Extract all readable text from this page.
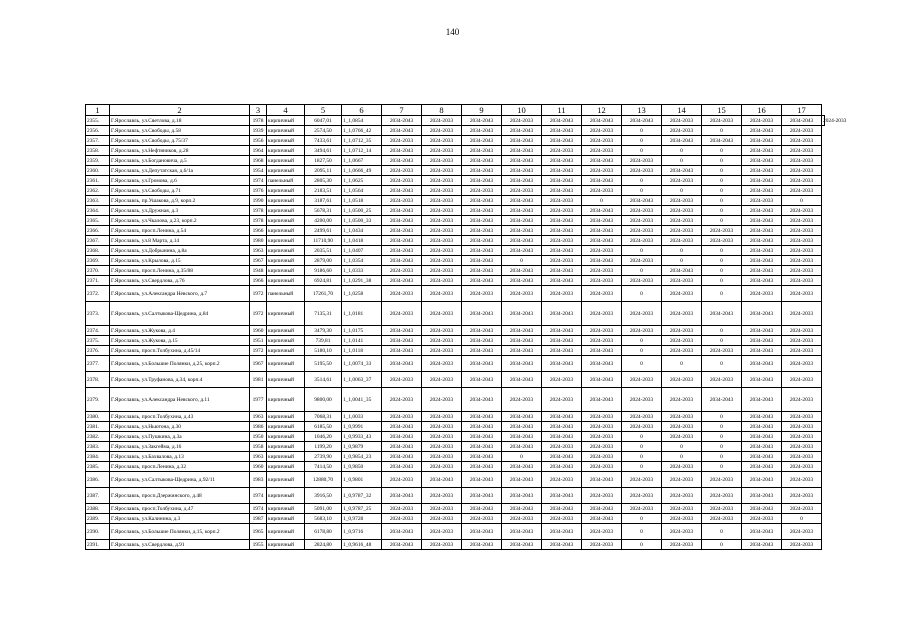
140
1	2	3	4	5	6	7	8	9	10	11	12	13	14	15	16	17	
2355.	Г.Ярославль, ул.Светлова, д.18	1978	кирпичный	6047,01	1_1,0854	2034-2043	2024-2033	2034-2043	2024-2033	2034-2043	2034-2043	2034-2043	2024-2033	2024-2033	2024-2033	2034-2043	2024-2033
2356.	Г.Ярославль, ул.Свободы, д.58	1939	кирпичный	2574,50	1_1,0766_42	2034-2043	2024-2033	2034-2043	2034-2043	2034-2043	2024-2033	0	2024-2033	0	2034-2043	2024-2033	
2357.	Г.Ярославль, ул.Свободы, д.75/37	1956	кирпичный	7433,61	1_1,0712_35	2024-2033	2024-2033	2034-2043	2034-2043	2034-2043	2024-2033	0	2034-2043	2034-2043	2034-2043	2024-2033	
2358.	Г.Ярославль, ул.Нефтяников, д.28	1964	кирпичный	3494,61	1_1,0712_14	2034-2043	2024-2033	2034-2043	2034-2043	2024-2033	2024-2033	0	0	0	2034-2043	2024-2033	
2359.	Г.Ярославль, ул.Богдановича, д.5	1968	кирпичный	1827,50	1_1,0667	2034-2043	2024-2033	2034-2043	2034-2043	2034-2043	2034-2043	2024-2033	0	0	2034-2043	2024-2033	
2360.	Г.Ярославль, ул.Депутатская, д.6/1а	1954	кирпичный	2095,11	1_1,0666_49	2024-2033	2024-2033	2034-2043	2034-2043	2034-2043	2024-2033	2024-2033	2034-2043	0	2034-2043	2024-2033	
2361.	Г.Ярославль, ул.Громова, д.6	1974	панельный	2805,30	1_1,0625	2024-2033	2024-2033	2034-2043	2034-2043	2034-2043	2034-2043	0	2024-2033	0	2034-2043	2024-2033	
2362.	Г.Ярославль, ул.Свободы, д.71	1976	кирпичный	2183,51	1_1,0564	2034-2043	2024-2033	2024-2033	2024-2033	2034-2043	2024-2033	0	0	0	2034-2043	2024-2033	
2363.	Г.Ярославль, пр.Ушакова, д.9, корп.2	1990	кирпичный	3187,61	1_1,0518	2024-2033	2024-2033	2034-2043	2034-2043	2024-2033	0	2034-2043	2024-2033	0	2024-2033	0	
2364.	Г.Ярославль, ул.Дружная, д.3	1978	кирпичный	5678,31	1_1,0500_25	2034-2043	2024-2033	2034-2043	2034-2043	2024-2033	2034-2043	2024-2033	2024-2033	0	2034-2043	2024-2033	
2365.	Г.Ярославль, ул.Чкалова, д.23, корп.2	1978	кирпичный	4200,00	1_1,0500_33	2034-2043	2024-2033	2034-2043	2034-2043	2034-2043	2034-2043	2024-2033	2024-2033	0	2034-2043	2024-2033	
2366.	Г.Ярославль, просп.Ленина, д.54	1966	кирпичный	2499,61	1_1,0434	2034-2043	2024-2033	2034-2043	2034-2043	2034-2043	2034-2043	2024-2033	2024-2033	2024-2033	2034-2043	2024-2033	
2367.	Г.Ярославль, ул.8 Марта, д.14	1980	кирпичный	11710,90	1_1,0418	2034-2043	2024-2033	2034-2043	2034-2043	2024-2033	2034-2043	2024-2033	2024-2033	2024-2033	2034-2043	2024-2033	
2368.	Г.Ярославль, ул.Добрынина, д.8а	1963	кирпичный	2035,51	1_1,0407	2034-2043	2024-2033	2034-2043	2034-2043	2034-2043	2024-2033	0	0	0	2034-2043	2024-2033	
2369.	Г.Ярославль, ул.Крылова, д.15	1967	кирпичный	2879,00	1_1,0354	2034-2043	2024-2033	2034-2043	0	2024-2033	2034-2043	2024-2033	0	0	2034-2043	2024-2033	
2370.	Г.Ярославль, просп.Ленина, д.35/88	1948	кирпичный	9186,60	1_1,0333	2024-2033	2024-2033	2034-2043	2034-2043	2034-2043	2024-2033	0	2034-2043	0	2034-2043	2024-2033	
2371.	Г.Ярославль, ул.Свердлова, д.76	1966	кирпичный	6924,81	1_1,0291_38	2034-2043	2024-2033	2034-2043	2034-2043	2034-2043	2024-2033	2024-2033	2024-2033	0	2034-2043	2024-2033	
2372.	Г.Ярославль, ул.Александра Невского, д.7	1972	панельный	17261,70	1_1,0258	2024-2033	2024-2033	2024-2033	2024-2033	2024-2033	2024-2033	0	2024-2033	0	2024-2033	2024-2033	
2373.	Г.Ярославль, ул.Салтыкова-Щедрина, д.84	1972	кирпичный	7135,31	1_1,0181	2024-2033	2024-2033	2034-2043	2034-2043	2034-2043	2024-2033	2024-2033	2024-2033	2034-2043	2034-2043	2024-2033	
2374.	Г.Ярославль, ул.Жукова, д.4	1960	кирпичный	3479,30	1_1,0175	2034-2043	2024-2033	2034-2043	2034-2043	2034-2043	2024-2033	2024-2033	2024-2033	0	2034-2043	2024-2033	
2375.	Г.Ярославль, ул.Жукова, д.15	1951	кирпичный	739,81	1_1,0141	2034-2043	2024-2033	2034-2043	2034-2043	2034-2043	2024-2033	0	2024-2033	0	2034-2043	2024-2033	
2376.	Г.Ярославль, просп.Толбухина, д.45/14	1972	кирпичный	5180,10	1_1,0118	2034-2043	2024-2033	2034-2043	2034-2043	2034-2043	2034-2043	0	2024-2033	2024-2033	2034-2043	2024-2033	
2377.	Г.Ярославль, ул.Большие Полянки, д.25, корп.2	1967	кирпичный	5195,50	1_1,0074_33	2034-2043	2024-2033	2034-2043	2034-2043	2034-2043	2034-2043	0	0	0	2034-2043	2024-2033	
2378.	Г.Ярославль, ул.Труфанова, д.34, корп.4	1981	кирпичный	3514,61	1_1,0063_37	2024-2033	2024-2033	2034-2043	2034-2043	2024-2033	2034-2043	2024-2033	2024-2033	2024-2033	2034-2043	2024-2033	
2379.	Г.Ярославль, ул.Александра Невского, д.11	1977	кирпичный	9800,00	1_1,0041_35	2024-2033	2024-2033	2034-2043	2024-2033	2024-2033	2034-2043	2024-2033	2024-2033	2034-2043	2034-2043	2024-2033	
2380.	Г.Ярославль, просп.Толбухина, д.43	1963	кирпичный	7068,31	1_1,0033	2024-2033	2024-2033	2034-2043	2034-2043	2034-2043	2024-2033	2024-2033	2024-2033	0	2034-2043	2024-2033	
2381.	Г.Ярославль, ул.Ньютона, д.30	1986	кирпичный	6185,50	1_0,9991	2034-2043	2024-2033	2034-2043	2034-2043	2034-2043	2024-2033	2024-2033	2024-2033	0	2034-2043	2024-2033	
2382.	Г.Ярославль, ул.Пушкина, д.3а	1950	кирпичный	1046,20	1_0,9933_43	2034-2043	2024-2033	2034-2043	2034-2043	2034-2043	2024-2033	0	2024-2033	0	2034-2043	2024-2033	
2383.	Г.Ярославль, ул.Закгейма, д.16	1958	кирпичный	1199,20	1_0,9879	2034-2043	2024-2033	2034-2043	2034-2043	2024-2033	2024-2033	0	0	0	2034-2043	2024-2033	
2384.	Г.Ярославль, ул.Бахвалова, д.13	1963	кирпичный	2739,90	1_0,9854_23	2034-2043	2024-2033	2034-2043	0	2034-2043	2024-2033	0	0	0	2034-2043	2024-2033	
2385.	Г.Ярославль, просп.Ленина, д.32	1960	кирпичный	7414,50	1_0,9850	2034-2043	2024-2033	2034-2043	2034-2043	2034-2043	2024-2033	0	2024-2033	0	2034-2043	2024-2033	
2386.	Г.Ярославль, ул.Салтыкова-Щедрина, д.92/11	1983	кирпичный	12880,70	1_0,9801	2024-2033	2034-2043	2034-2043	2034-2043	2024-2033	2034-2043	2024-2033	2024-2033	2024-2033	2034-2043	2024-2033	
2387.	Г.Ярославль, просп.Дзержинского, д.48	1974	кирпичный	3916,50	1_0,9787_32	2034-2043	2024-2033	2034-2043	2034-2043	2034-2043	2024-2033	2024-2033	2024-2033	2024-2033	2034-2043	2024-2033	
2388.	Г.Ярославль, просп.Толбухина, д.47	1974	кирпичный	5091,00	1_0,9787_25	2024-2033	2024-2033	2034-2043	2034-2043	2034-2043	2034-2043	2024-2033	2024-2033	2024-2033	2034-2043	2024-2033	
2389.	Г.Ярославль, ул.Калинина, д.3	1987	кирпичный	5683,10	1_0,9728	2024-2033	2024-2033	2024-2033	2024-2033	2024-2033	2034-2043	0	2024-2033	2024-2033	2024-2033	0	
2390.	Г.Ярославль, ул.Большие Полянки, д.15, корп.2	1965	кирпичный	6178,80	1_0,9716	2034-2043	2024-2033	2034-2043	2034-2043	2034-2043	2024-2033	0	2024-2033	0	2034-2043	2024-2033	
2391.	Г.Ярославль, ул.Свердлова, д.91	1955	кирпичный	2824,80	1_0,9616_48	2034-2043	2024-2033	2034-2043	2034-2043	2034-2043	2024-2033	0	2024-2033	0	2034-2043	2024-2033	
